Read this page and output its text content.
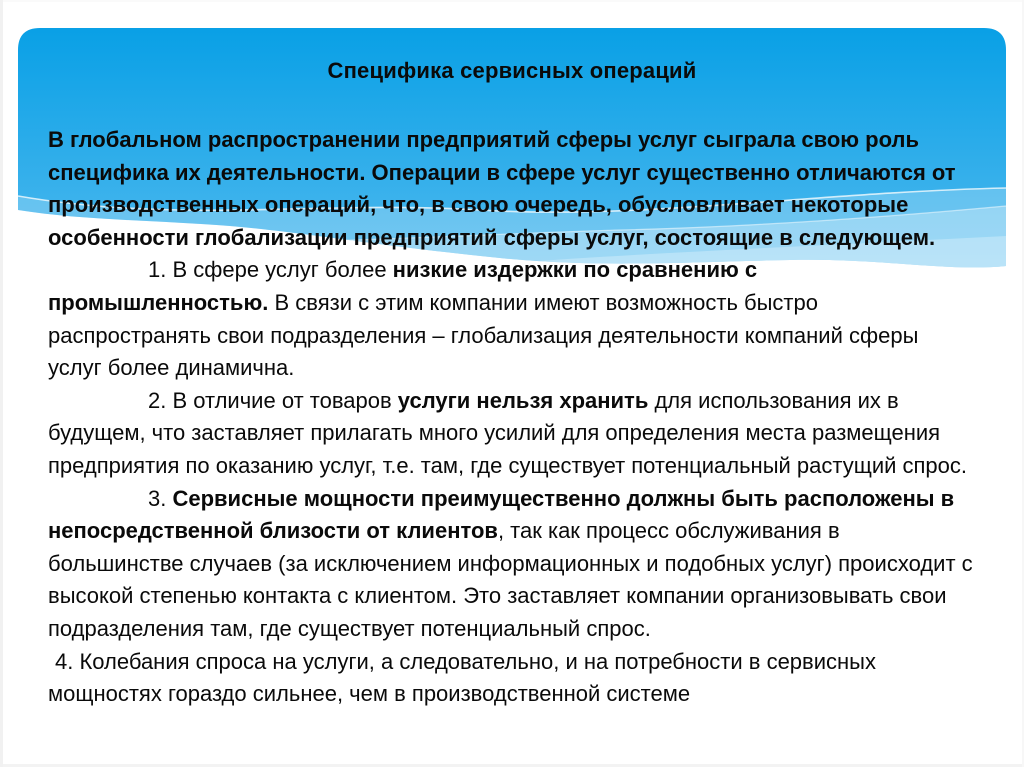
Специфика сервисных операций

В глобальном распространении предприятий сферы услуг сыграла свою роль специфика их деятельности. Операции в сфере услуг существенно отличаются от производственных операций, что, в свою очередь, обусловливает некоторые особенности глобализации предприятий сферы услуг, состоящие в следующем.

1. В сфере услуг более низкие издержки по сравнению с промышленностью. В связи с этим компании имеют возможность быстро распространять свои подразделения – глобализация деятельности компаний сферы услуг более динамична.

2. В отличие от товаров услуги нельзя хранить для использования их в будущем, что заставляет прилагать много усилий для определения места размещения предприятия по оказанию услуг, т.е. там, где существует потенциальный растущий спрос.

3. Сервисные мощности преимущественно должны быть расположены в непосредственной близости от клиентов, так как процесс обслуживания в большинстве случаев (за исключением информационных и подобных услуг) происходит с высокой степенью контакта с клиентом. Это заставляет компании организовывать свои подразделения там, где существует потенциальный спрос.

4. Колебания спроса на услуги, а следовательно, и на потребности в сервисных мощностях гораздо сильнее, чем в производственной системе
